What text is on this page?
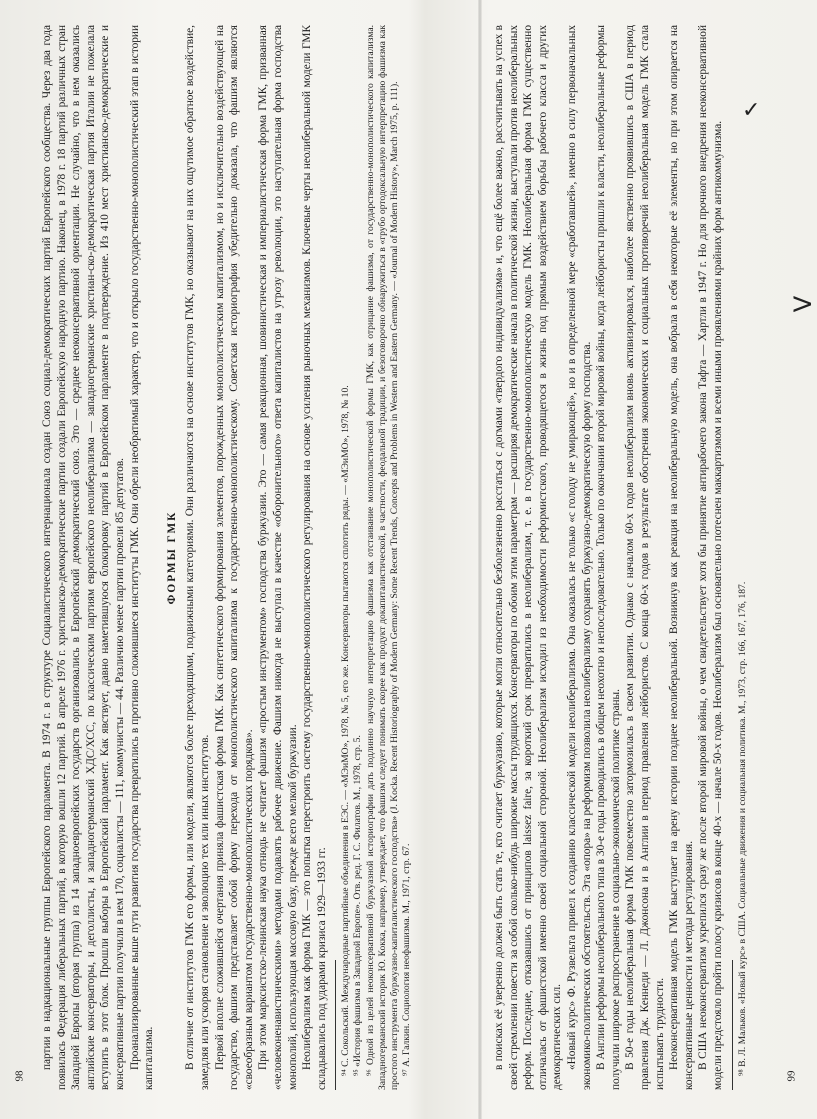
партии в надкациональные группы Европейского парламента. В 1974 г. в структуре Социалистического интернационала создан Союз социал-демократических партий Европейского сообщества. Через два года появилась Федерация либеральных партий, в которую вошли 12 партий. В апреле 1976 г. христианско-демократические партии создали Европейскую народную партию. Наконец, в 1978 г. 18 партий различных стран Западной Европы (вторая группа) из 14 западноевропейских государств организовались в Европейский демократический союз. Это — среднее неоконсервативной ориентации. Не случайно, что в нем оказались английские консерваторы, и деголлисты, и западногерманский ХДС/ХСС, по классическим партиям европейского неолиберализма — западногерманские христиан-ско-демократическая партия Италии не пожелала вступить в этот блок. Прошли выборы в Европейский парламент. Как явствует, давно наметившуюся блокировку партий в Европейском парламенте в подтверждение. Из 410 мест христианско-демократические и консервативные партии получили в нем 170, социалисты — 111, коммунисты — 44. Различию менее партии провели 85 депутатов. Проанализированные выше пути развития государства превратились в противно сложившиеся институты ГМК. Они обрели необратимый характер, что и открыло государственно-монополистический этап в истории капитализма.

ФОРМЫ ГМК В отличие от институтов ГМК его формы, или модели, являются более преходящими, подвижными категориями. Они различаются на основе институтов ГМК, но оказывают на них ощутимое обратное воздействие, замедляя или ускоряя становление и эволюцию тех или иных институтов. Первой вполне сложившейся очертания приняла фашистская форма ГМК. Как синтетического формирования элементов, порожденных монополистическим капитализмом, но и исключительно воздействующей на государство, фашизм представляет собой форму перехода от монополистического капитализма к государственно-монополистическому. Советская историография убедительно доказала, что фашизм являются «своеобразным вариантом государственно-монополистических порядков». При этом марксистско-ленинская наука отнюдь не считает фашизм «простым инструментом» господства буржуазии. Это — самая реакционная, шовинистическая и империалистическая форма ГМК, призванная «человеконенавистническими» методами подавлять рабочее движение. Фашизм никогда не выступал в качестве «оборонительного» ответа капиталистов на угрозу революции, это наступательная форма господства монополий, использующая массовую базу, прежде всего мелкой буржуазии. Неолиберализм как форма ГМК — это попытка перестроить систему государственно-монополистического регулирования на основе усиления рыночных механизмов. Ключевые черты неолиберальной модели ГМК складывались под ударами кризиса 1929—1933 гг. ⁹⁴ С. Сокольский. Международные партийные объединения в ЕЭС. — «МЭиМО», 1978, № 5, его же. Консерваторы пытаются сплотить ряды. — «МЭиМО», 1978, № 10. ⁹⁵ «История фашизма в Западной Европе». Отв. ред. Г. С. Филатов. М., 1978, стр. 5. ⁹⁶ Одной из целей неоконсервативной буржуазной историографии дать подлинно научную интерпретацию фашизма как отстаивание монополистической формы ГМК, как отрицание фашизма, от государственно-монополистического капитализма. Западногерманский историк Ю. Кокка, например, утверждает, что фашизм следует понимать скорее как продукт докапиталистической, в частности, феодальной традиции, и безоговорочно обнаружиться в «грубо ортодоксальную интерпретацию фашизма как простого инструмента буржуазно-капиталистического господства» (J. Kocka. Recent Historiography of Modern Germany: Some Recent Trends, Concepts and Problems in Western and Eastern Germany. — «Journal of Modern History», March 1975, p. 111). ⁹⁷ А. Галкин. Социология неофашизма. М., 1971, стр. 67.	в поисках её уверенно должен быть стать те, кто считает буржуазию, которые могли относительно безболезненно расстаться с догмами «твердого индивидуализма» и, что ещё более важно, рассчитывать на успех в своей стремлении повести за собой сколько-нибудь широкие массы трудящихся. Консерваторы по обоим этим параметрам — расширяя демократические начала в политической жизни, выступали против неолиберальных реформ. Последние, отказавшись от принципов laissez faire, за короткий срок превратились в неолиберализм, т. е. в государственно-монополистическую модель ГМК. Неолиберальная форма ГМК существенно отличалась от фашистской именно своей социальной стороной. Неолиберализм исходил из необходимости реформистского, проводящегося в жизнь под прямым воздействием борьбы рабочего класса и других демократических сил. «Новый курс» Ф. Рузвельта привел к созданию классической модели неолиберализма. Она оказалась не только «с голоду не умирающей», но и в определенной мере «сработавшей», именно в силу первоначальных экономико-политических обстоятельств. Эта «опора» на реформизм позволила неолиберализму сохранять буржуазно-демократическую форму господства. В Англии реформы неолиберального типа в 30-е годы проводились в общем неохотно и непоследовательно. Только по окончании второй мировой войны, когда лейбористы пришли к власти, неолиберальные реформы получили широкое распространение в социально-экономической политике страны. В 50-е годы неолиберальная форма ГМК повсеместно затормозилась в своем развитии. Однако с началом 60-х годов неолиберализм вновь активизировался, наиболее явственно проявившись в США в период правления Дж. Кеннеди — Л. Джонсона и в Англии в период правления лейбористов. С конца 60-х годов в результате обострения экономических и социальных противоречий неолиберальная модель ГМК стала испытывать трудности. Неоконсервативная модель ГМК выступает на арену истории позднее неолиберальной. Возникнув как реакция на неолиберальную модель, она вобрала в себя некоторые её элементы, но при этом опирается на консервативные ценности и методы регулирования. В США неоконсерватизм укрепился сразу же после второй мировой войны, о чем свидетельствует хотя бы принятие антирабочего закона Тафта — Хартли в 1947 г. Но для прочного внедрения неоконсервативной модели предстояло пройти полосу кризисов в конце 40-х — начале 50-х годов. Неолиберализм был основательно потеснен маккартизмом и всеми иными проявлениями крайних форм антикоммунизма. ⁹⁸ В. Л. Мальков. «Новый курс» в США. Социальные движения и социальная политика. М., 1973, стр. 166, 167, 176, 187.

98	99
✓
V
